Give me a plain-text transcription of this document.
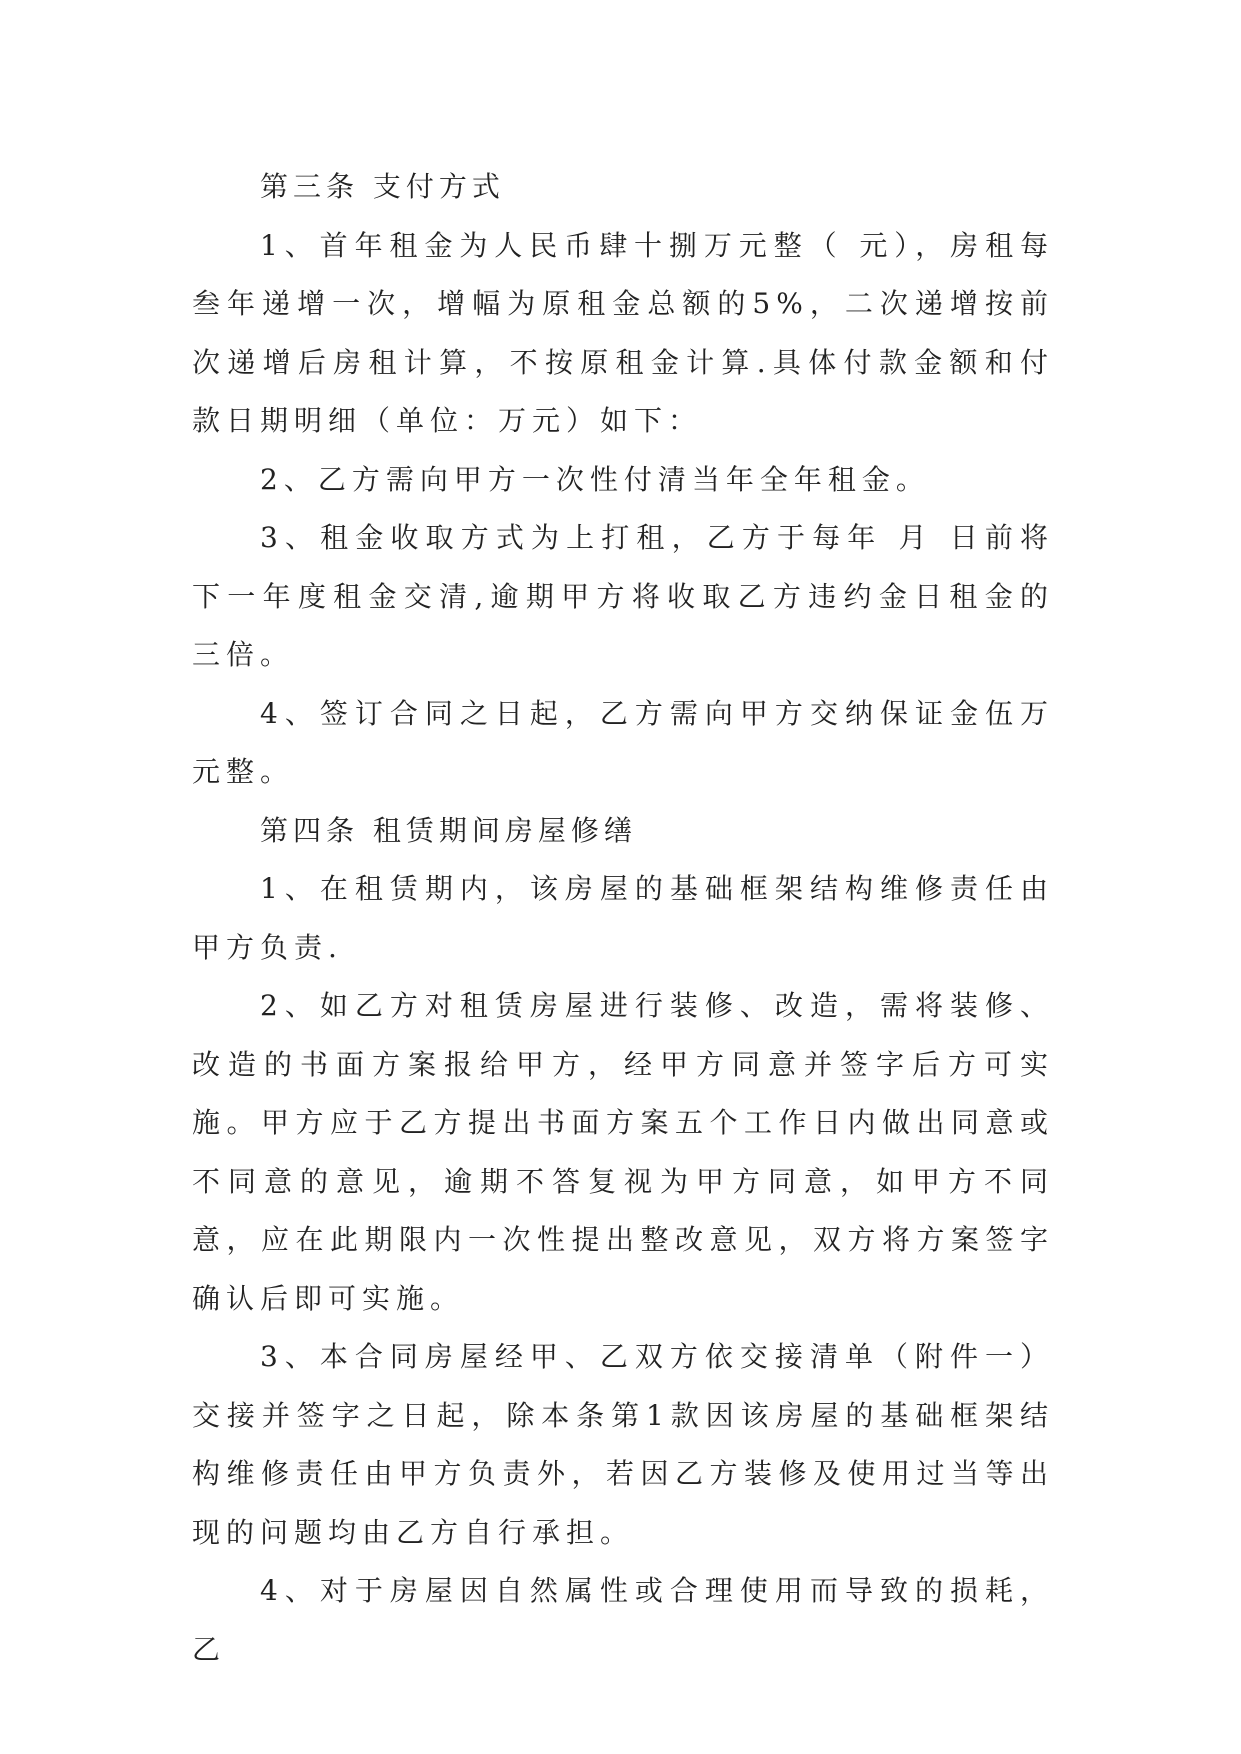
第三条 支付方式

1、首年租金为人民币肆十捌万元整（ 元），房租每叁年递增一次，增幅为原租金总额的5%，二次递增按前次递增后房租计算，不按原租金计算.具体付款金额和付款日期明细（单位：万元）如下：

2、乙方需向甲方一次性付清当年全年租金。

3、租金收取方式为上打租，乙方于每年 月 日前将下一年度租金交清,逾期甲方将收取乙方违约金日租金的三倍。

4、签订合同之日起，乙方需向甲方交纳保证金伍万元整。

第四条 租赁期间房屋修缮

1、在租赁期内，该房屋的基础框架结构维修责任由甲方负责.

2、如乙方对租赁房屋进行装修、改造，需将装修、改造的书面方案报给甲方，经甲方同意并签字后方可实施。甲方应于乙方提出书面方案五个工作日内做出同意或不同意的意见，逾期不答复视为甲方同意，如甲方不同意，应在此期限内一次性提出整改意见，双方将方案签字确认后即可实施。

3、本合同房屋经甲、乙双方依交接清单（附件一）交接并签字之日起，除本条第1款因该房屋的基础框架结构维修责任由甲方负责外，若因乙方装修及使用过当等出现的问题均由乙方自行承担。

4、对于房屋因自然属性或合理使用而导致的损耗，乙
